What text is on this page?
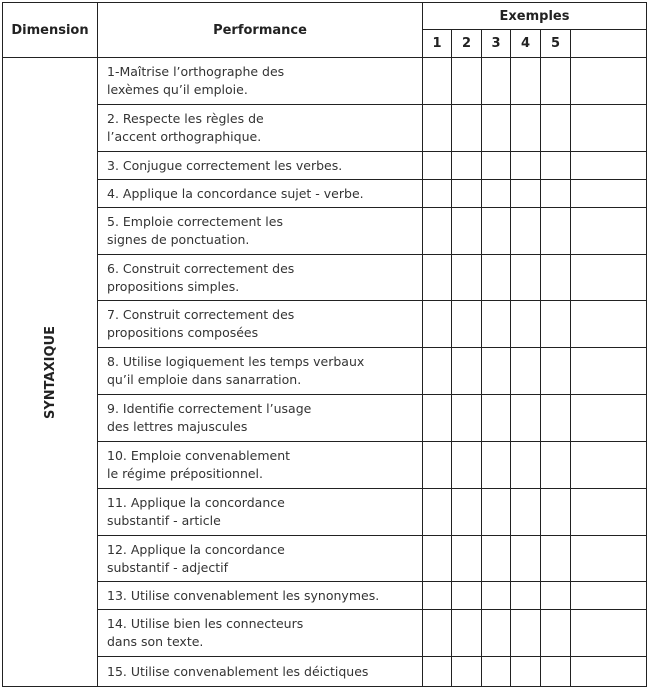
Dimension	Performance	Exemples					
		1	2	3	4	5	
SYNTAXIQUE	1-Maîtrise l’orthographe des
lexèmes qu’il emploie.						

	2. Respecte les règles de
l’accent orthographique.						

	3. Conjugue correctement les verbes.						

	4. Applique la concordance sujet - verbe.						

	5. Emploie correctement les
signes de ponctuation.						

	6. Construit correctement des
propositions simples.						

	7. Construit correctement des
propositions composées						

	8. Utilise logiquement les temps verbaux
qu’il emploie dans sanarration.						

	9. Identifie correctement l’usage
des lettres majuscules						

	10. Emploie convenablement
le régime prépositionnel.						

	11. Applique la concordance
substantif - article						

	12. Applique la concordance
substantif - adjectif						

	13. Utilise convenablement les synonymes.						

	14. Utilise bien les connecteurs
dans son texte.						

	15. Utilise convenablement les déictiques						
